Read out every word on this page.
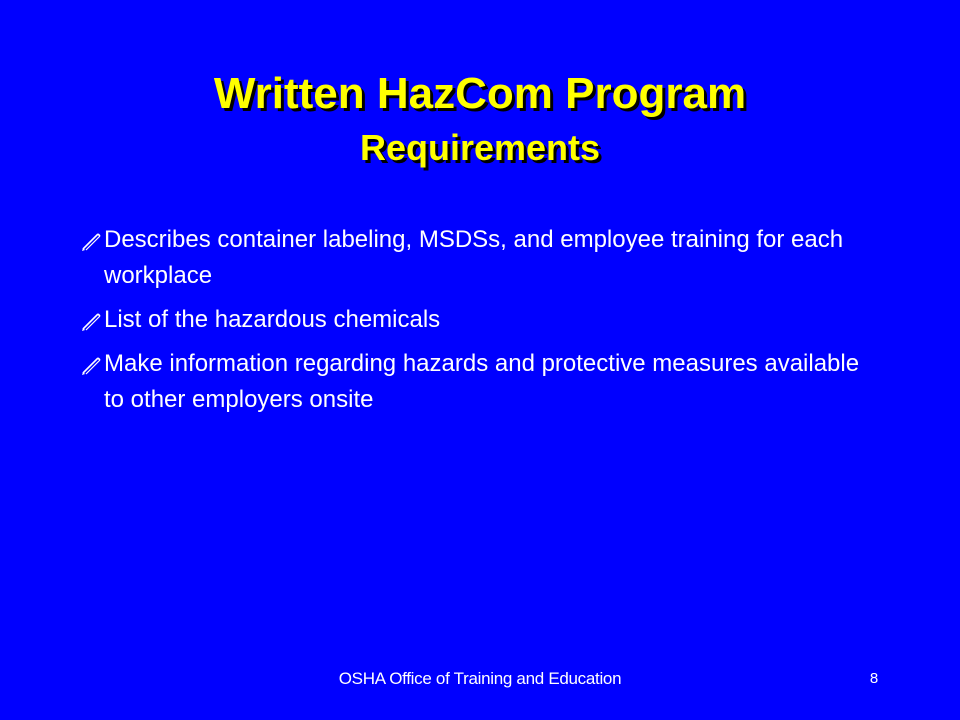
Written HazCom Program
Requirements
Describes container labeling, MSDSs, and employee training for each workplace
List of the hazardous chemicals
Make information regarding hazards and protective measures available to other employers onsite
OSHA Office of Training and Education	8
